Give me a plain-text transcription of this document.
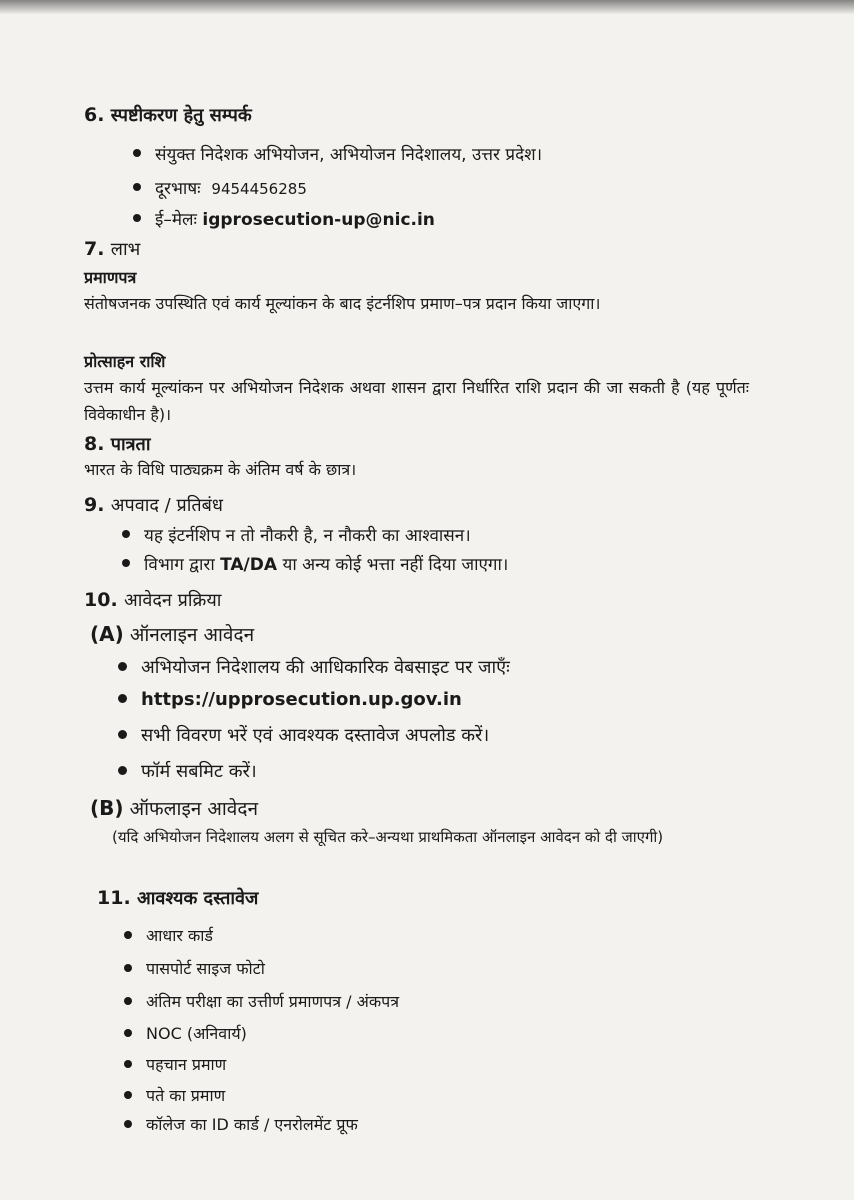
6. स्पष्टीकरण हेतु सम्पर्क
संयुक्त निदेशक अभियोजन, अभियोजन निदेशालय, उत्तर प्रदेश।
दूरभाषः 9454456285
ई–मेलः igprosecution-up@nic.in
7. लाभ
प्रमाणपत्र
संतोषजनक उपस्थिति एवं कार्य मूल्यांकन के बाद इंटर्नशिप प्रमाण–पत्र प्रदान किया जाएगा।
प्रोत्साहन राशि
उत्तम कार्य मूल्यांकन पर अभियोजन निदेशक अथवा शासन द्वारा निर्धारित राशि प्रदान की जा सकती है (यह पूर्णतः विवेकाधीन है)।
8. पात्रता
भारत के विधि पाठ्यक्रम के अंतिम वर्ष के छात्र।
9. अपवाद / प्रतिबंध
यह इंटर्नशिप न तो नौकरी है, न नौकरी का आश्वासन।
विभाग द्वारा TA/DA या अन्य कोई भत्ता नहीं दिया जाएगा।
10. आवेदन प्रक्रिया
(A) ऑनलाइन आवेदन
अभियोजन निदेशालय की आधिकारिक वेबसाइट पर जाएँः
https://upprosecution.up.gov.in
सभी विवरण भरें एवं आवश्यक दस्तावेज अपलोड करें।
फॉर्म सबमिट करें।
(B) ऑफलाइन आवेदन
(यदि अभियोजन निदेशालय अलग से सूचित करे–अन्यथा प्राथमिकता ऑनलाइन आवेदन को दी जाएगी)
11. आवश्यक दस्तावेज
आधार कार्ड
पासपोर्ट साइज फोटो
अंतिम परीक्षा का उत्तीर्ण प्रमाणपत्र / अंकपत्र
NOC (अनिवार्य)
पहचान प्रमाण
पते का प्रमाण
कॉलेज का ID कार्ड / एनरोलमेंट प्रूफ
